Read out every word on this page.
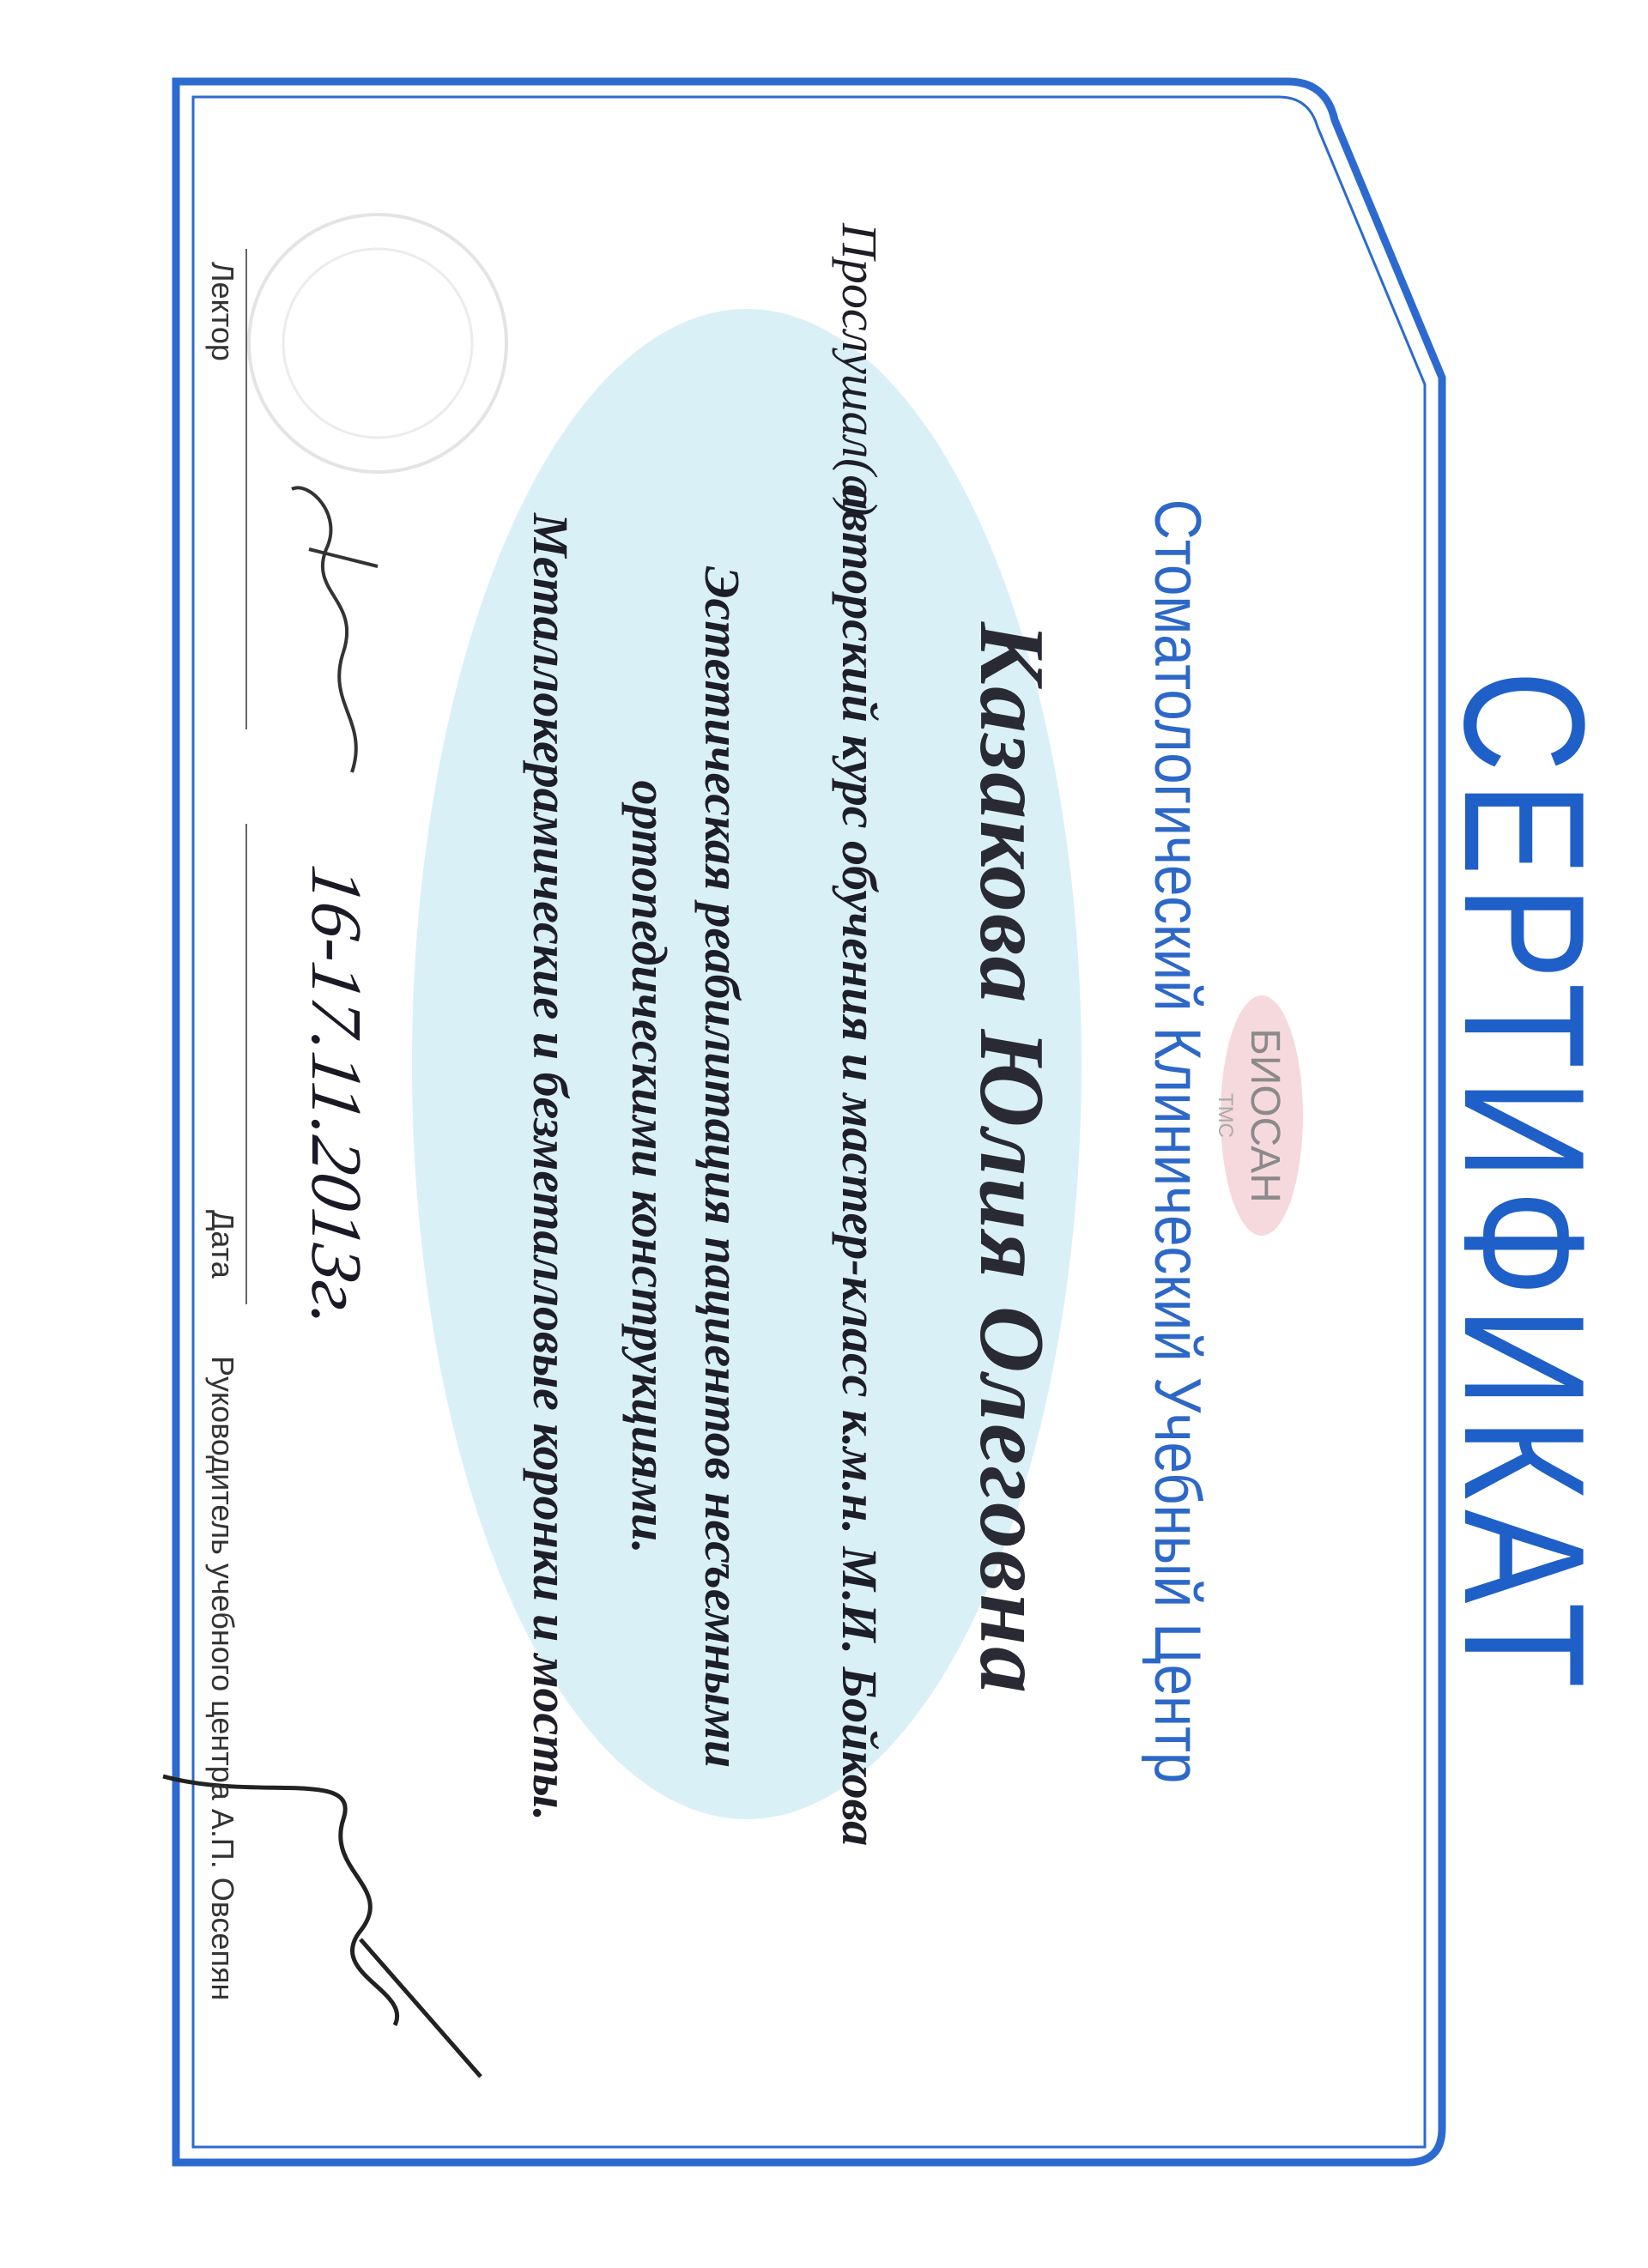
СЕРТИФИКАТ
БИОСАН
ТМС
Стоматологический Клинический Учебный Центр
Казакова Юлия Олеговна
Прослушал(а)
авторский курс обучения и мастер-класс к.м.н. М.И. Бойкова
Эстетическая реабилитация пациентов несъемными
ортопедическими конструкциями.
Металлокерамические и безметалловые коронки и мосты.
16-17.11.2013г.
Лектор
Дата
Руководитель учебного центра А.П. Овсепян
